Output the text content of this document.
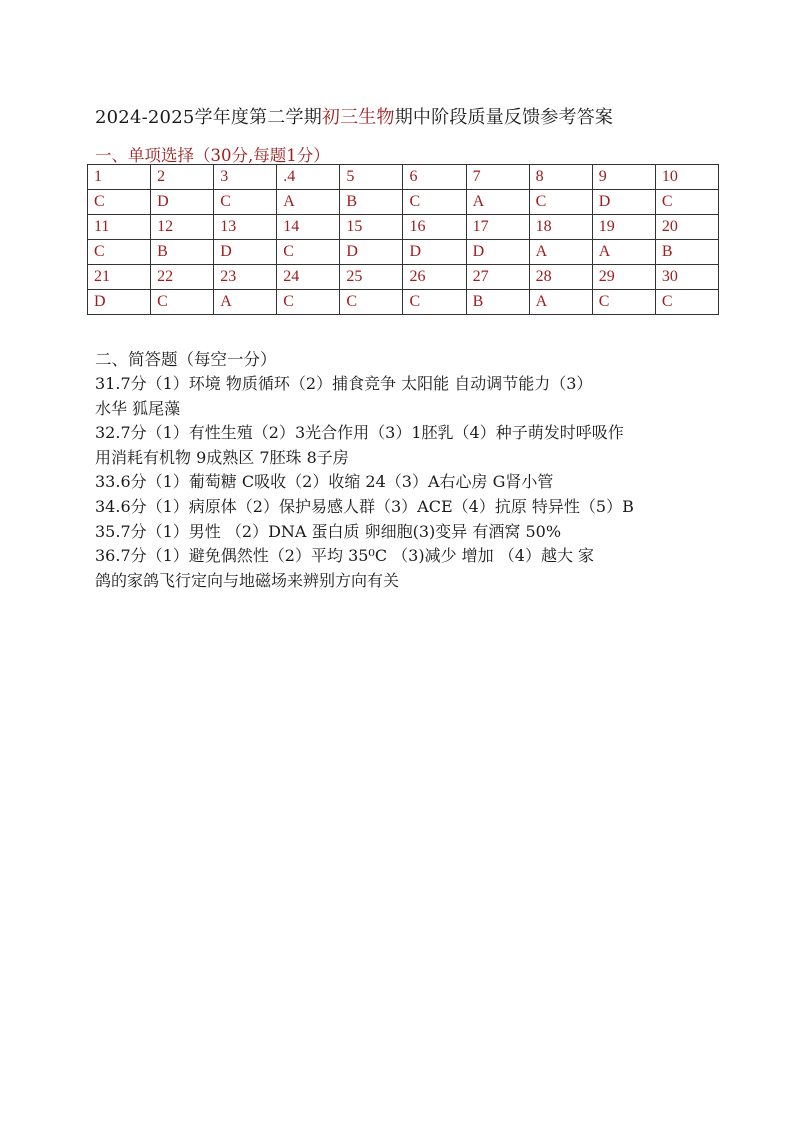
2024-2025学年度第二学期初三生物期中阶段质量反馈参考答案
一、单项选择（30分,每题1分）
1	2	3	.4	5	6	7	8	9	10
C	D	C	A	B	C	A	C	D	C
11	12	13	14	15	16	17	18	19	20
C	B	D	C	D	D	D	A	A	B
21	22	23	24	25	26	27	28	29	30
D	C	A	C	C	C	B	A	C	C
二、简答题（每空一分）

31.7分（1）环境 物质循环（2）捕食竞争 太阳能 自动调节能力（3）

水华 狐尾藻

32.7分（1）有性生殖（2）3光合作用（3）1胚乳（4）种子萌发时呼吸作

用消耗有机物 9成熟区 7胚珠 8子房

33.6分（1）葡萄糖 C吸收（2）收缩 24（3）A右心房 G肾小管

34.6分（1）病原体（2）保护易感人群（3）ACE（4）抗原 特异性（5）B

35.7分（1）男性 （2）DNA 蛋白质 卵细胞(3)变异 有酒窝 50%

36.7分（1）避免偶然性（2）平均 35⁰C （3)减少 增加 （4）越大 家

鸽的家鸽飞行定向与地磁场来辨别方向有关
